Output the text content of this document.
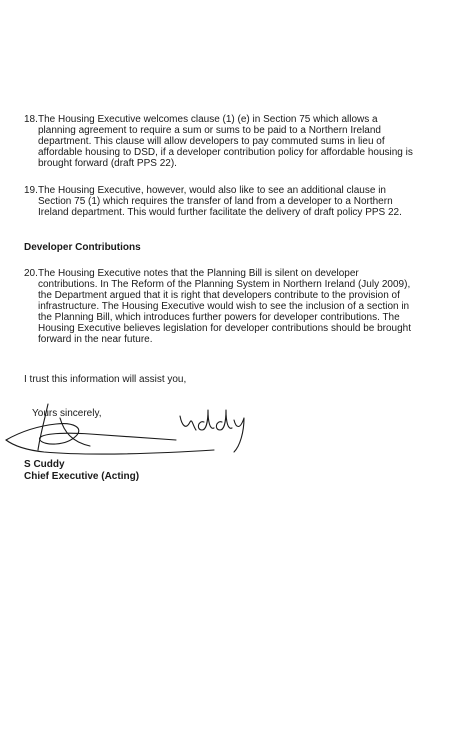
18. The Housing Executive welcomes clause (1) (e) in Section 75 which allows a planning agreement to require a sum or sums to be paid to a Northern Ireland department. This clause will allow developers to pay commuted sums in lieu of affordable housing to DSD, if a developer contribution policy for affordable housing is brought forward (draft PPS 22).
19. The Housing Executive, however, would also like to see an additional clause in Section 75 (1) which requires the transfer of land from a developer to a Northern Ireland department. This would further facilitate the delivery of draft policy PPS 22.
Developer Contributions
20. The Housing Executive notes that the Planning Bill is silent on developer contributions. In The Reform of the Planning System in Northern Ireland (July 2009), the Department argued that it is right that developers contribute to the provision of infrastructure. The Housing Executive would wish to see the inclusion of a section in the Planning Bill, which introduces further powers for developer contributions. The Housing Executive believes legislation for developer contributions should be brought forward in the near future.
I trust this information will assist you,
Yours sincerely,
S Cuddy
Chief Executive (Acting)
